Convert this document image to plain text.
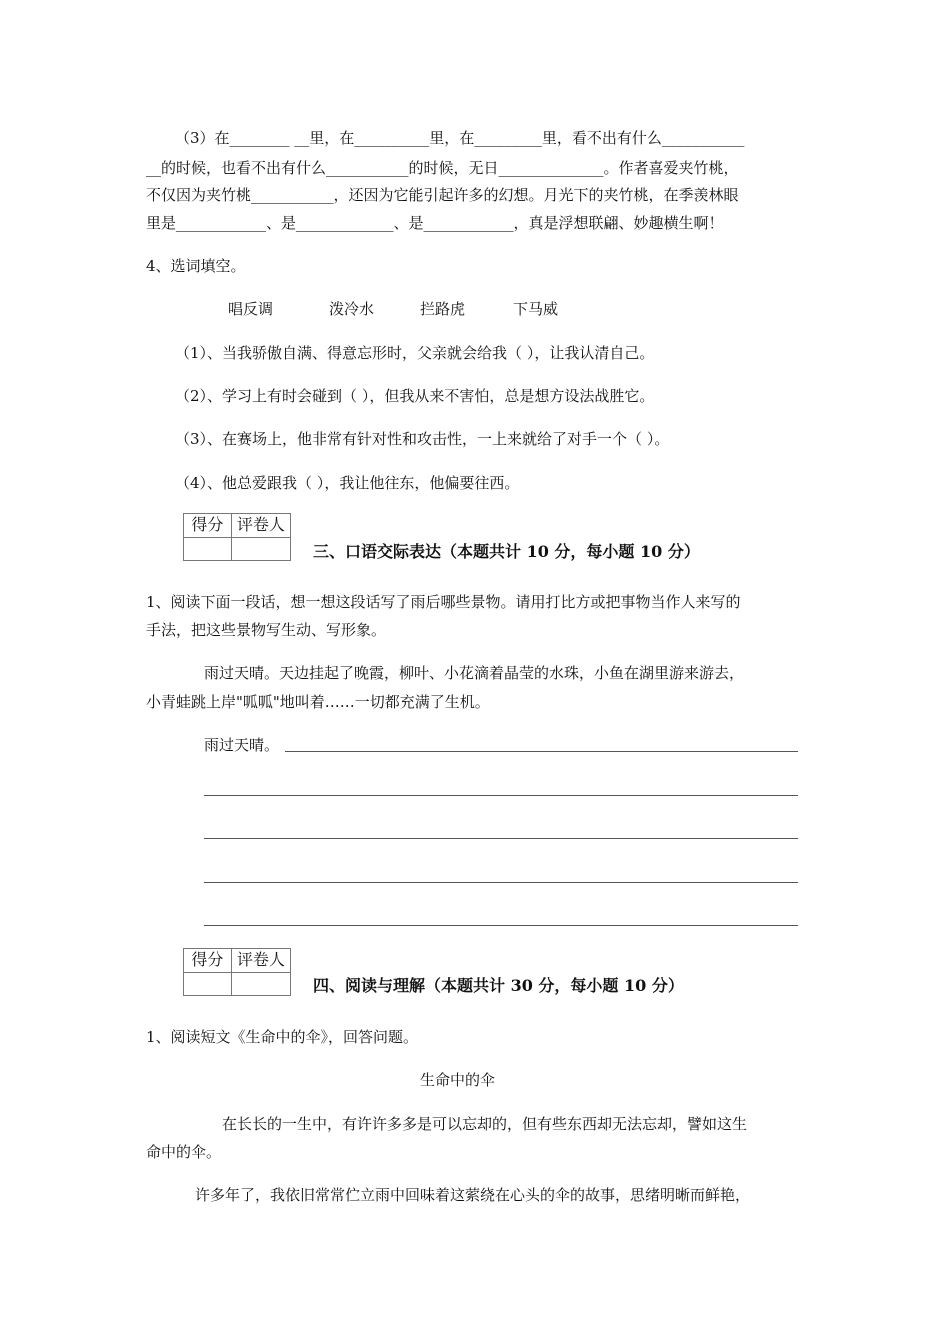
（3）在________ __里，在__________里，在_________里，看不出有什么___________
__的时候，也看不出有什么___________的时候，无日______________。作者喜爱夹竹桃，
不仅因为夹竹桃___________，还因为它能引起许多的幻想。月光下的夹竹桃，在季羡林眼
里是____________、是_____________、是____________，真是浮想联翩、妙趣横生啊！
4、选词填空。
唱反调	泼冷水	拦路虎	下马威
（1）、当我骄傲自满、得意忘形时，父亲就会给我（ ），让我认清自己。
（2）、学习上有时会碰到（ ），但我从来不害怕，总是想方设法战胜它。
（3）、在赛场上，他非常有针对性和攻击性，一上来就给了对手一个（ ）。
（4）、他总爱跟我（ ），我让他往东，他偏要往西。
得分	评卷人

三、口语交际表达（本题共计 10 分，每小题 10 分）
1、阅读下面一段话，想一想这段话写了雨后哪些景物。请用打比方或把事物当作人来写的
手法，把这些景物写生动、写形象。
雨过天晴。天边挂起了晚霞，柳叶、小花滴着晶莹的水珠，小鱼在湖里游来游去，
小青蛙跳上岸"呱呱"地叫着……一切都充满了生机。
雨过天晴。
得分	评卷人

四、阅读与理解（本题共计 30 分，每小题 10 分）
1、阅读短文《生命中的伞》，回答问题。
生命中的伞
在长长的一生中，有许许多多是可以忘却的，但有些东西却无法忘却，譬如这生
命中的伞。
许多年了，我依旧常常伫立雨中回味着这萦绕在心头的伞的故事，思绪明晰而鲜艳，
